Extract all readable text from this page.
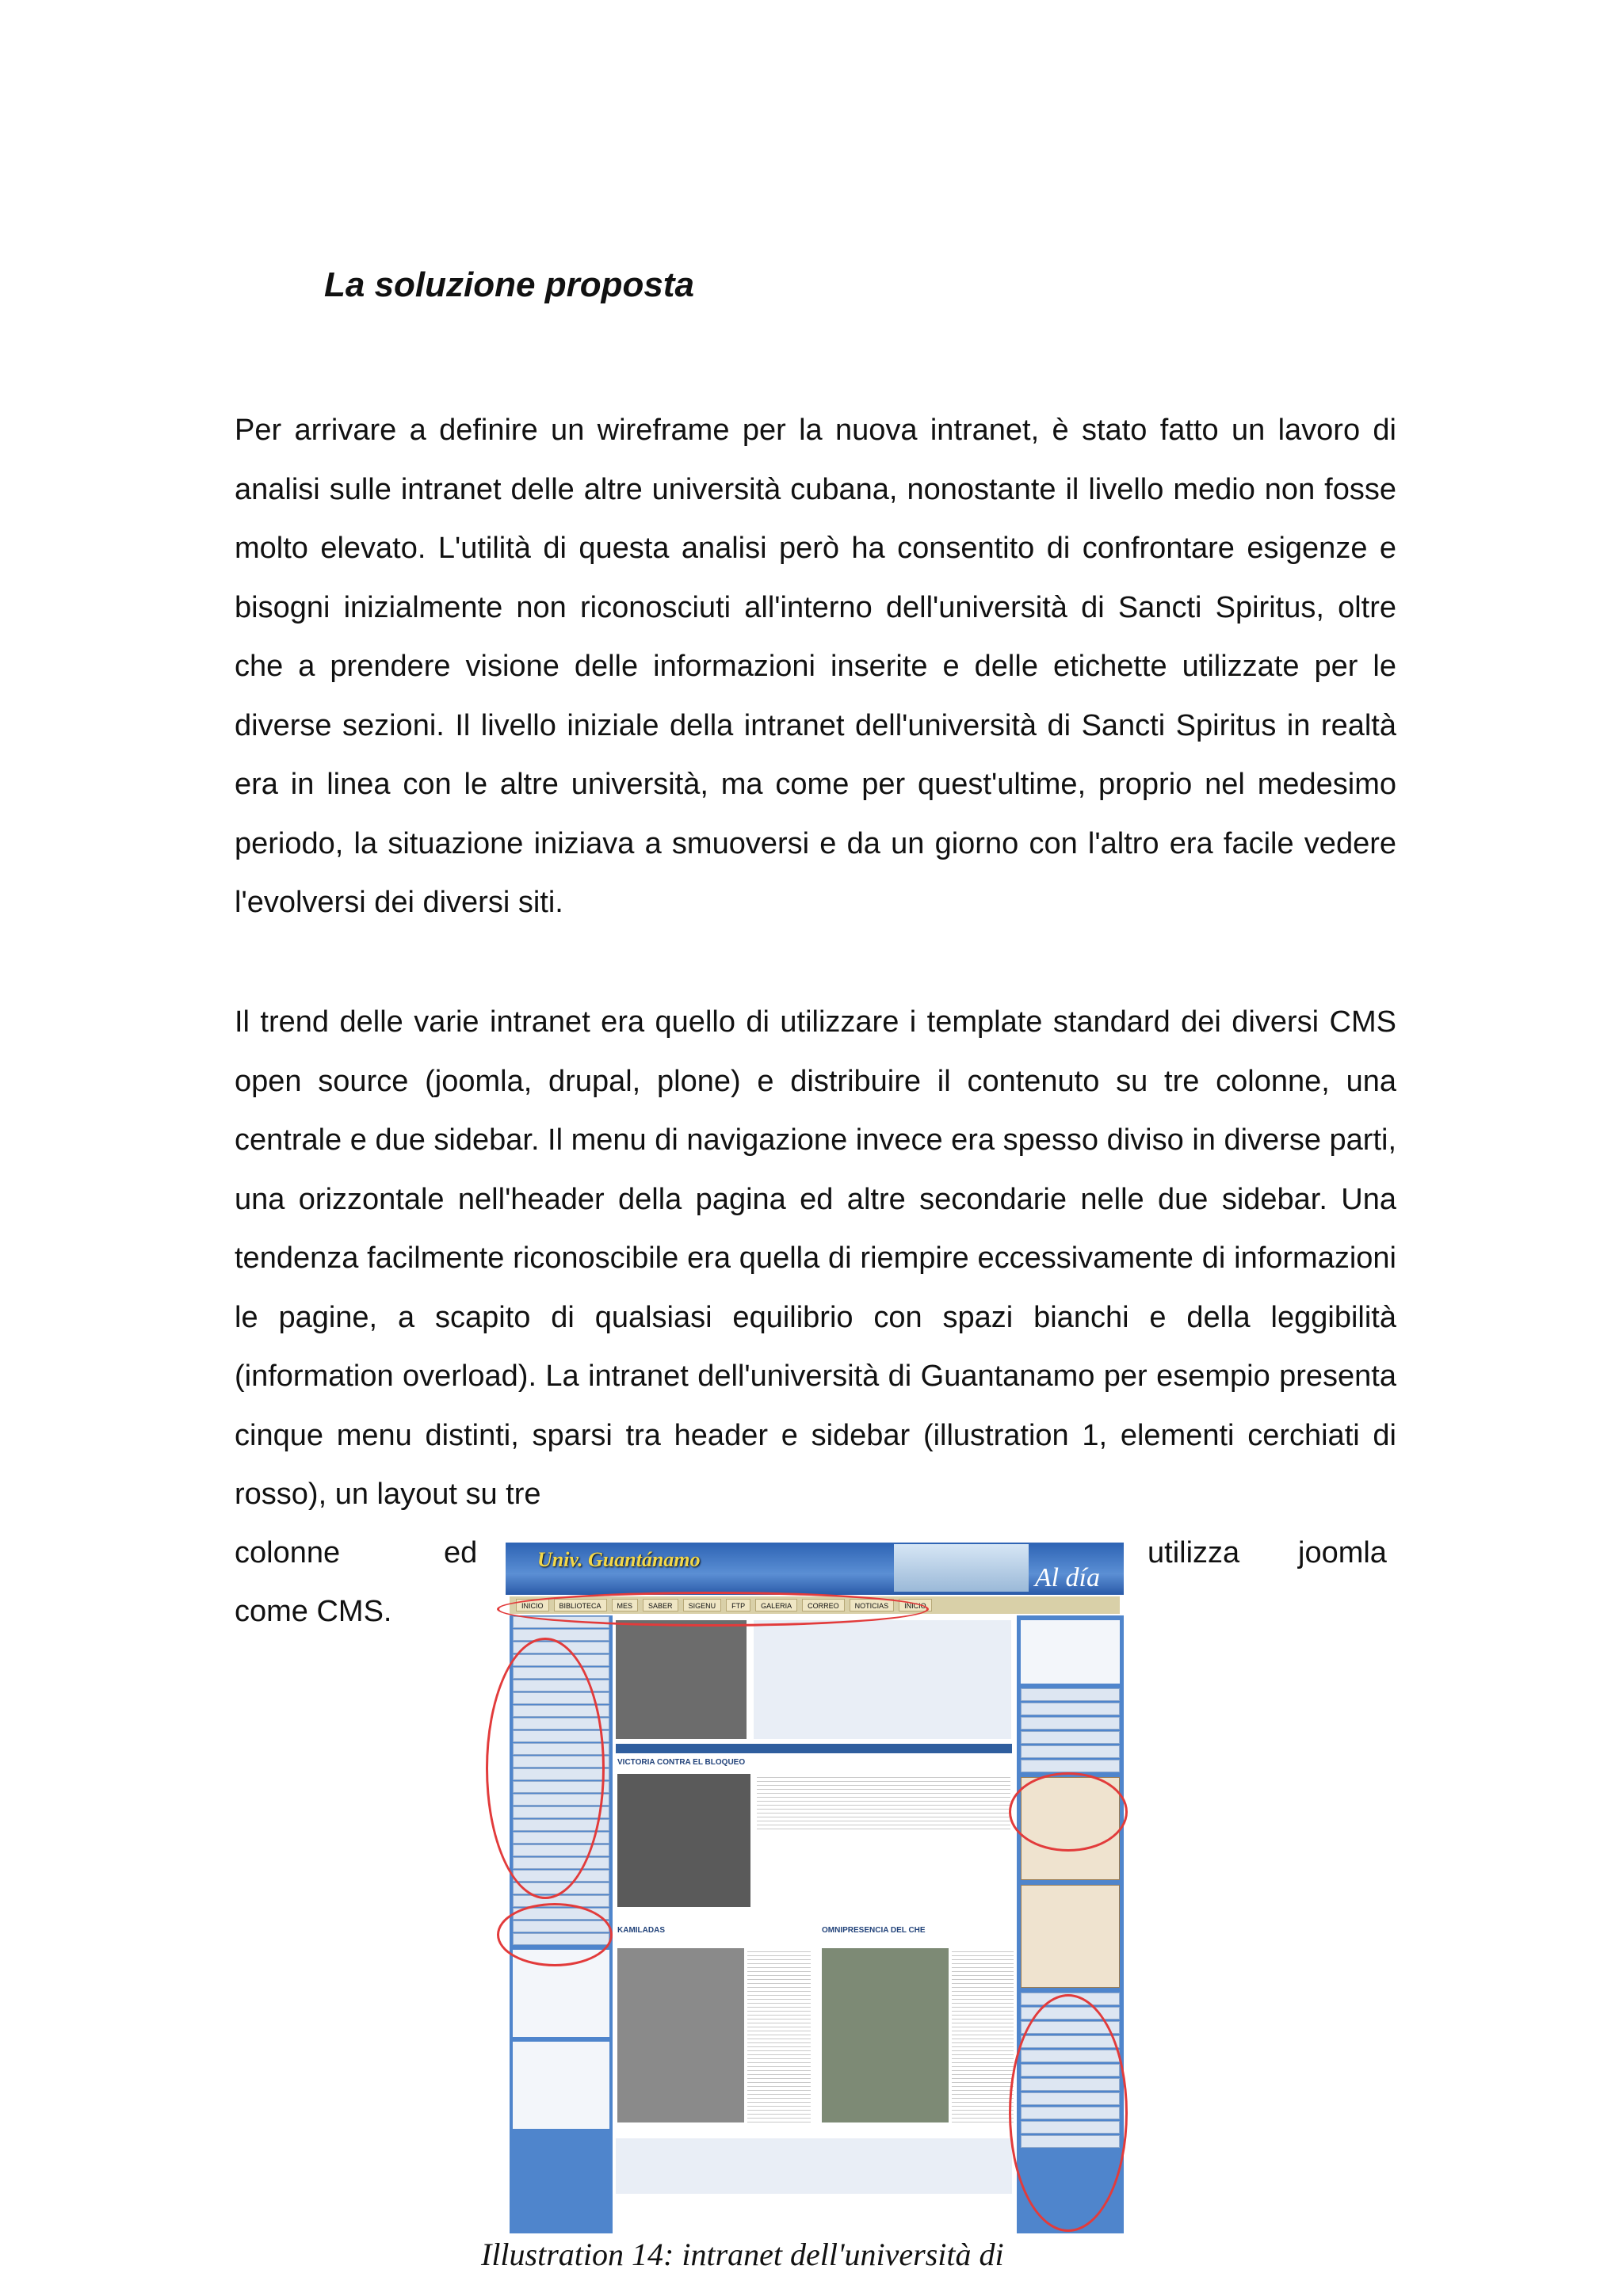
La soluzione proposta

Per arrivare a definire un wireframe per la nuova intranet, è stato fatto un lavoro di analisi sulle intranet delle altre università cubana, nonostante il livello medio non fosse molto elevato. L'utilità di questa analisi però ha consentito di confrontare esigenze e bisogni inizialmente non riconosciuti all'interno dell'università di Sancti Spiritus, oltre che a prendere visione delle informazioni inserite e delle etichette utilizzate per le diverse sezioni. Il livello iniziale della intranet dell'università di Sancti Spiritus in realtà era in linea con le altre università, ma come per quest'ultime, proprio nel medesimo periodo, la situazione iniziava a smuoversi e da un giorno con l'altro era facile vedere l'evolversi dei diversi siti.

Il trend delle varie intranet era quello di utilizzare i template standard dei diversi CMS open source (joomla, drupal, plone) e distribuire il contenuto su tre colonne, una centrale e due sidebar. Il menu di navigazione invece era spesso diviso in diverse parti, una orizzontale nell'header della pagina ed altre secondarie nelle due sidebar. Una tendenza facilmente riconoscibile era quella di riempire eccessivamente di informazioni le pagine, a scapito di qualsiasi equilibrio con spazi bianchi e della leggibilità (information overload). La intranet dell'università di Guantanamo per esempio presenta cinque menu distinti, sparsi tra header e sidebar (illustration 1, elementi cerchiati di rosso), un layout su tre

colonne	ed	utilizza joomla
come CMS.
Univ. Guantánamo
Al día
INICIO	BIBLIOTECA	MES	SABER	SIGENU	FTP	GALERIA	CORREO	NOTICIAS	INICIO
VICTORIA CONTRA EL BLOQUEO
KAMILADAS	OMNIPRESENCIA DEL CHE
Illustration 14: intranet dell'università di
